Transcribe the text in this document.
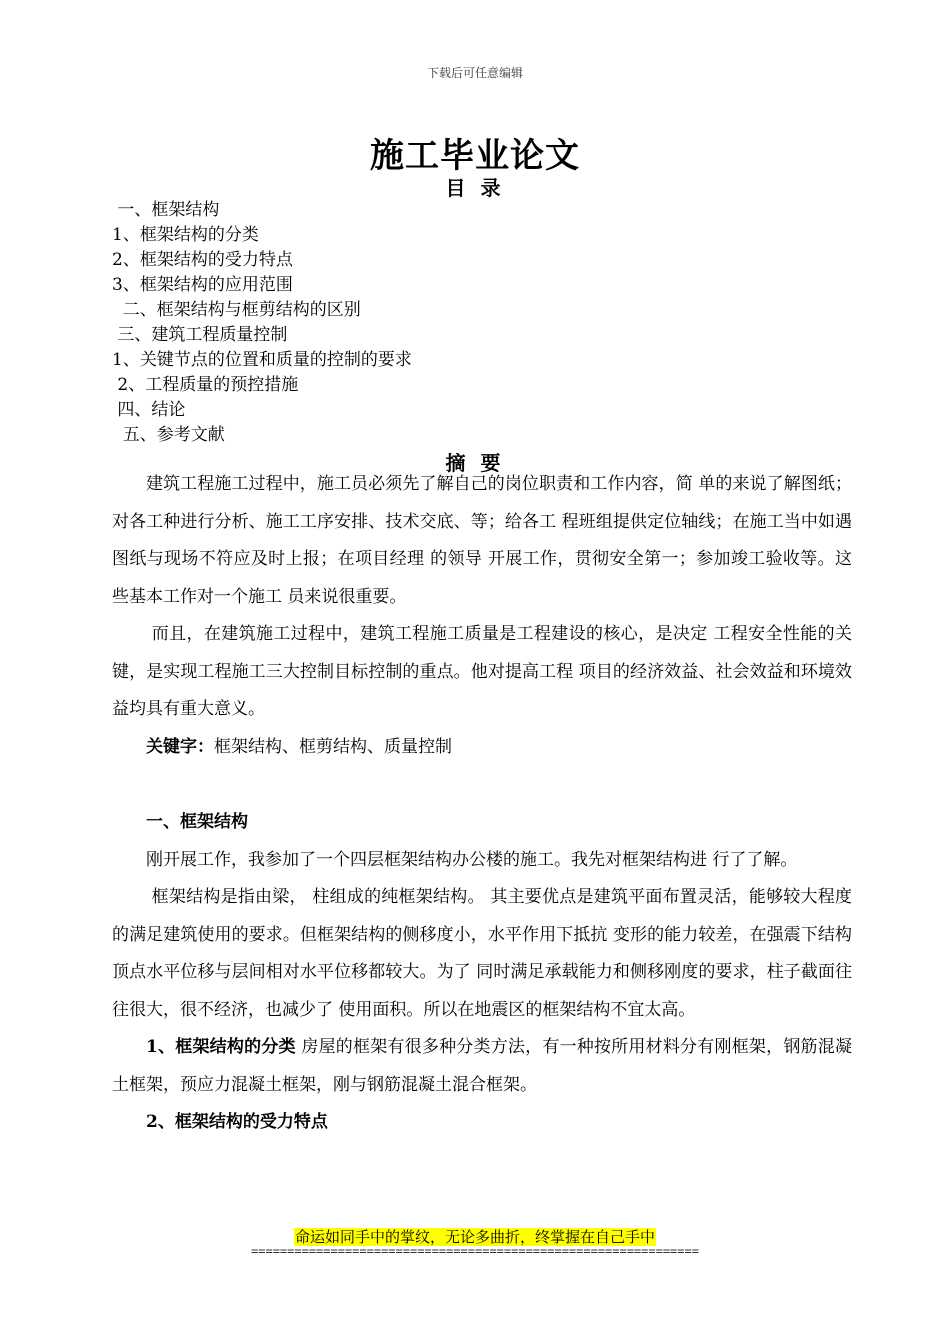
下载后可任意编辑
施工毕业论文
目 录
一、框架结构
1、框架结构的分类
2、框架结构的受力特点
3、框架结构的应用范围
二、框架结构与框剪结构的区别
三、建筑工程质量控制
1、关键节点的位置和质量的控制的要求
2、工程质量的预控措施
四、结论
五、参考文献
摘 要

建筑工程施工过程中，施工员必须先了解自己的岗位职责和工作内容，简 单的来说了解图纸；对各工种进行分析、施工工序安排、技术交底、等；给各工 程班组提供定位轴线；在施工当中如遇图纸与现场不符应及时上报；在项目经理 的领导 开展工作，贯彻安全第一；参加竣工验收等。这些基本工作对一个施工 员来说很重要。

而且，在建筑施工过程中，建筑工程施工质量是工程建设的核心，是决定 工程安全性能的关键，是实现工程施工三大控制目标控制的重点。他对提高工程 项目的经济效益、社会效益和环境效益均具有重大意义。

关键字：框架结构、框剪结构、质量控制

一、框架结构

刚开展工作，我参加了一个四层框架结构办公楼的施工。我先对框架结构进 行了了解。

框架结构是指由梁， 柱组成的纯框架结构。 其主要优点是建筑平面布置灵活，能够较大程度的满足建筑使用的要求。但框架结构的侧移度小，水平作用下抵抗 变形的能力较差，在强震下结构顶点水平位移与层间相对水平位移都较大。为了 同时满足承载能力和侧移刚度的要求，柱子截面往往很大，很不经济，也减少了 使用面积。所以在地震区的框架结构不宜太高。

1、框架结构的分类 房屋的框架有很多种分类方法，有一种按所用材料分有刚框架，钢筋混凝 土框架，预应力混凝土框架，刚与钢筋混凝土混合框架。

2、框架结构的受力特点

命运如同手中的掌纹，无论多曲折，终掌握在自己手中
==============================================================
